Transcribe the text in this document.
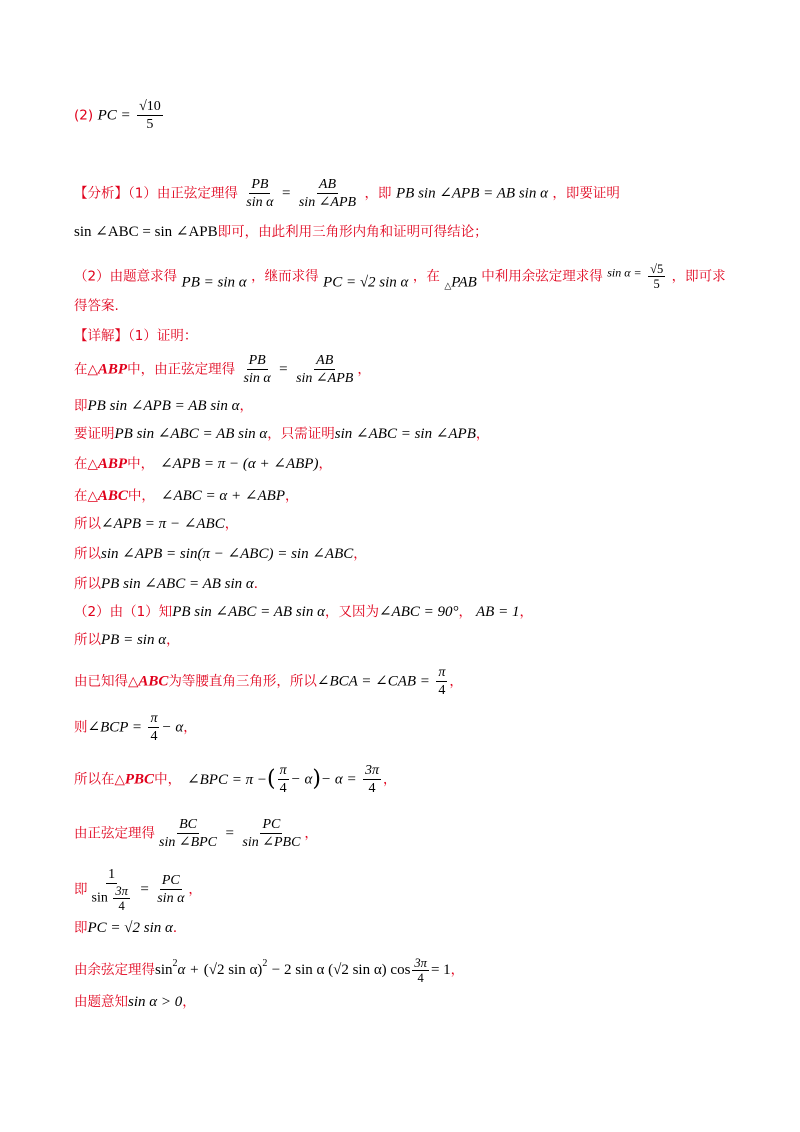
(2) PC = $\frac{√10}{5}$
【分析】（1）由正弦定理得 $\frac{PB}{\text{sin α}} = \frac{AB}{\text{sin ∠APB}}$ ，即 PB sin ∠APB = AB sin α ，即要证明
sin ∠ABC = sin ∠APB即可，由此利用三角形内角和证明可得结论；
（2）由题意求得 PB = sin α ，继而求得 PC = √2 sin α ，在 $_\triangle$PAB 中利用余弦定理求得 $\sin \alpha = \frac{√5}{5}$ ，即可求
得答案.
【详解】（1）证明：
在△ABP中，由正弦定理得 $\frac{PB}{\text{sin α}} = \frac{AB}{\text{sin ∠APB}}$ ，
即PB sin ∠APB = AB sin α，
要证明PB sin ∠ABC = AB sin α，只需证明sin ∠ABC = sin ∠APB，
在△ABP中， ∠APB = π − (α + ∠ABP)，
在△ABC中， ∠ABC = α + ∠ABP，
所以∠APB = π − ∠ABC，
所以sin ∠APB = sin(π − ∠ABC) = sin ∠ABC，
所以PB sin ∠ABC = AB sin α．
（2）由（1）知PB sin ∠ABC = AB sin α，又因为∠ABC = 90°， AB = 1，
所以PB = sin α，
由已知得△ABC为等腰直角三角形，所以∠BCA = ∠CAB = $\frac{\pi}{4}$ ，
则∠BCP = $\frac{\pi}{4} - \alpha$，
所以在△PBC中， ∠BPC = π −( $\frac{\pi}{4} - \alpha)- \alpha = \frac{3\pi}{4}$ ，
由正弦定理得 $\frac{BC}{\text{sin ∠BPC}} = \frac{PC}{\text{sin ∠PBC}}$ ，
即 $\frac{1}{\sin \frac{3\pi}{4}} = \frac{PC}{\text{sin α}}$ ，
即PC = √2 sin α．
由余弦定理得$\sin^2\alpha + (√2$ sin α)$^2$ − 2 sin α (√2 sin α) $\cos \frac{3\pi}{4} = 1$，
由题意知sin α > 0，
